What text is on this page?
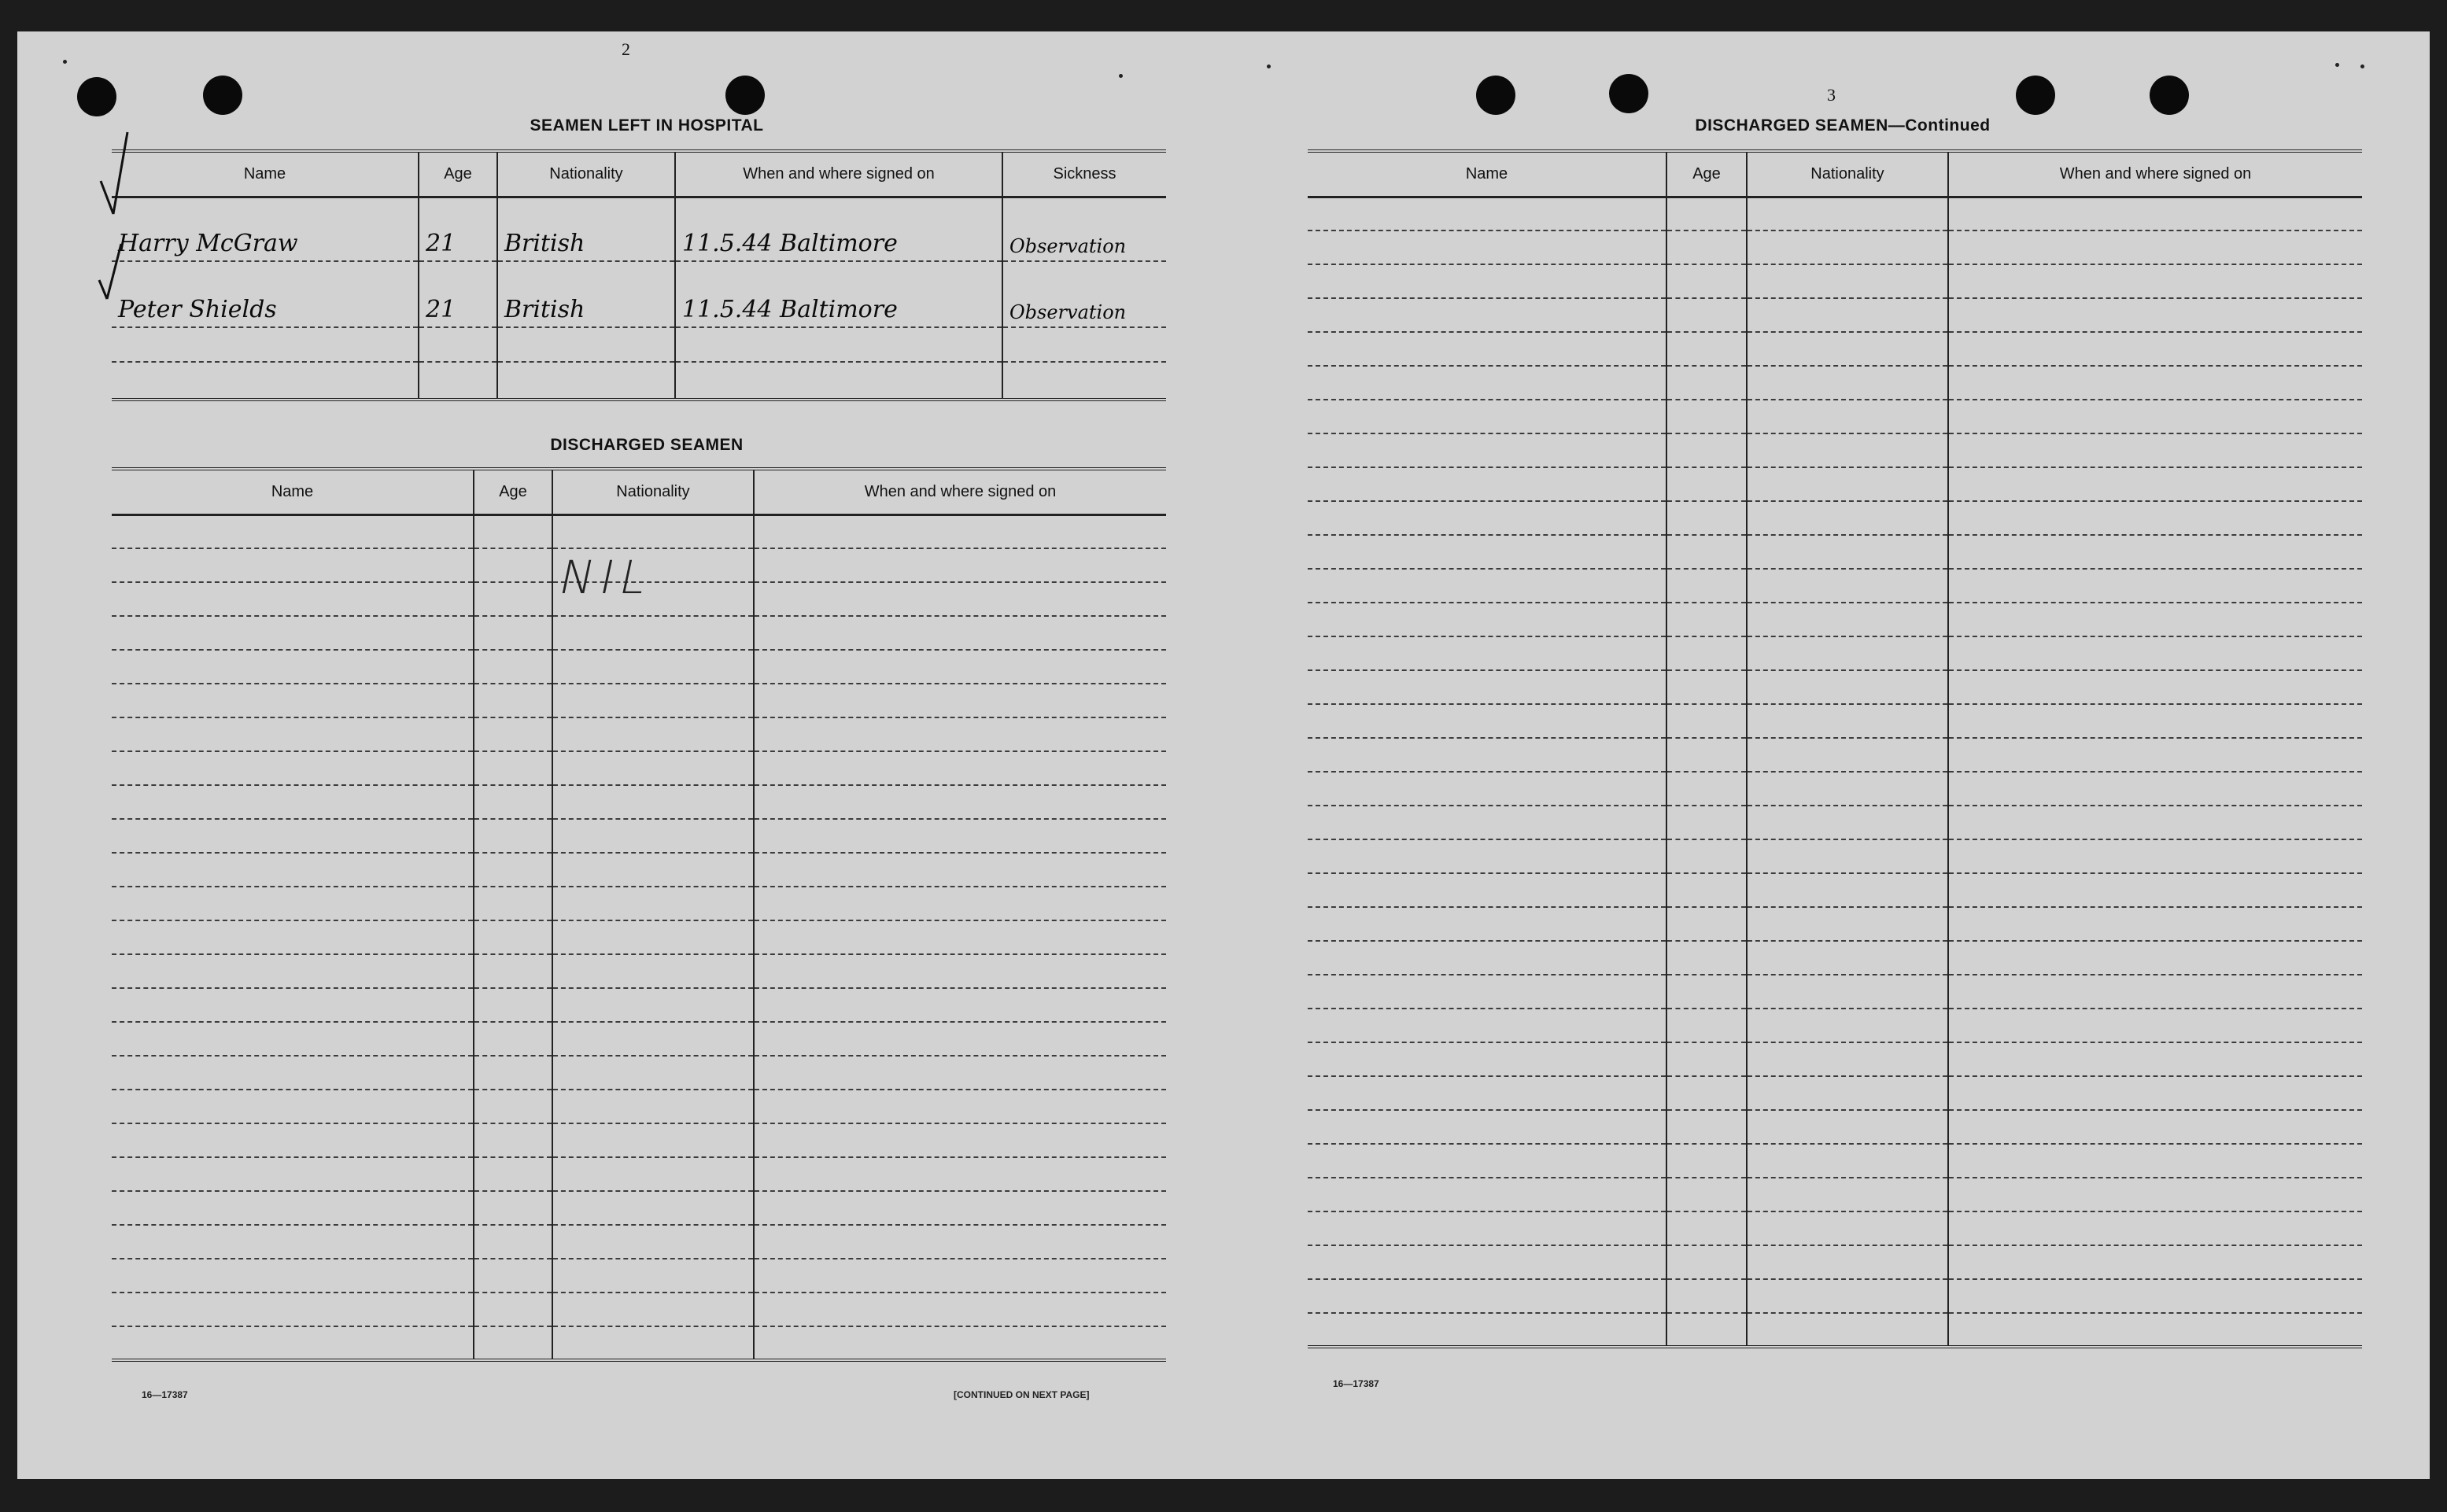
2
SEAMEN LEFT IN HOSPITAL
Name	Age	Nationality	When and where signed on	Sickness
Harry McGraw	21	British	11.5.44 Baltimore	Observation
Peter Shields	21	British	11.5.44 Baltimore	Observation

DISCHARGED SEAMEN
Name	Age	Nationality	When and where signed on

NIL
16—17387	[CONTINUED ON NEXT PAGE]
3
DISCHARGED SEAMEN—Continued
Name	Age	Nationality	When and where signed on

16—17387
